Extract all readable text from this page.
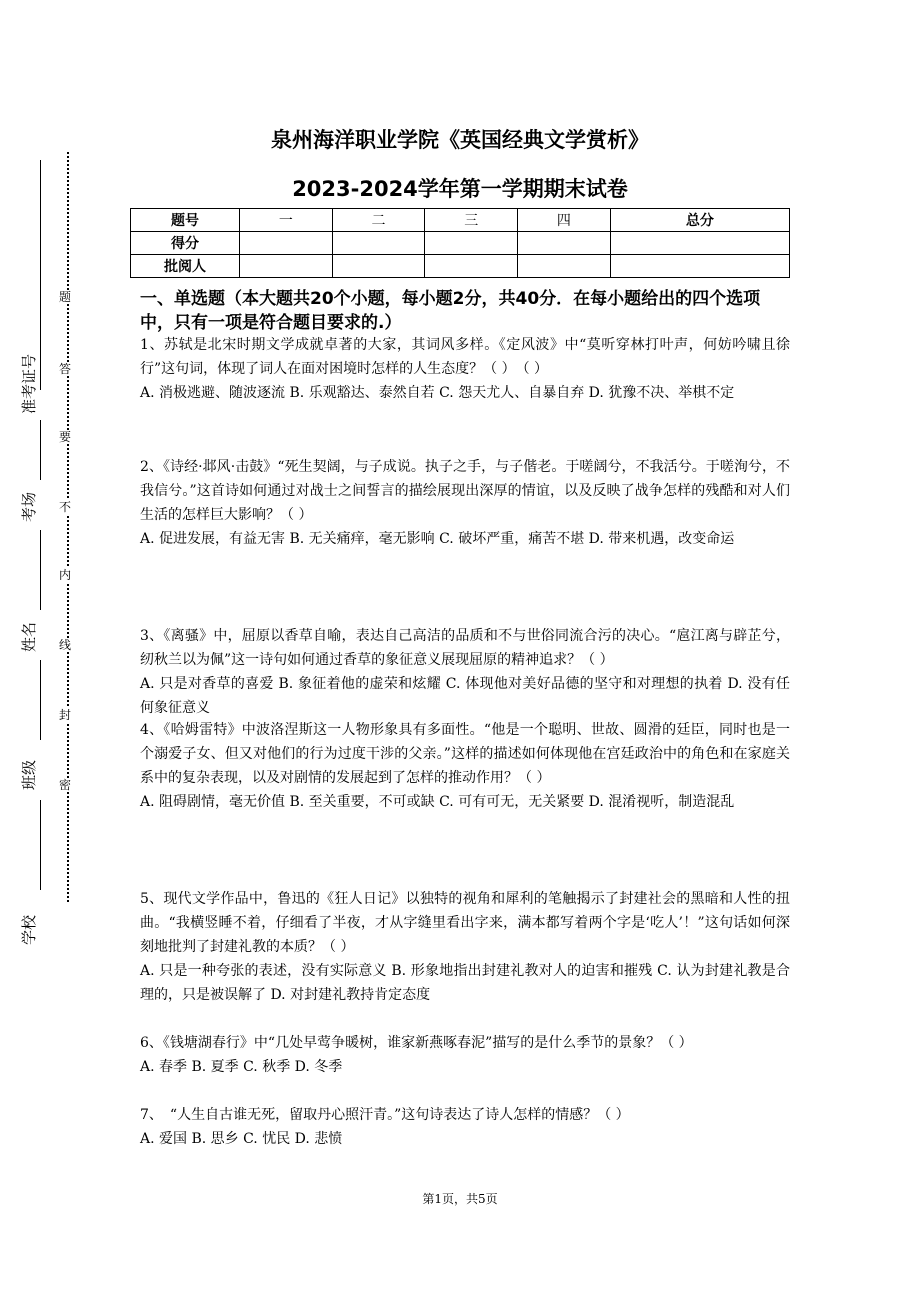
准考证号
考场
姓名
班级
学校
题
答
要
不
内
线
封
密
泉州海洋职业学院《英国经典文学赏析》
2023-2024学年第一学期期末试卷
题号	一	二	三	四	总分
得分					
批阅人					
一、单选题（本大题共20个小题，每小题2分，共40分．在每小题给出的四个选项中，只有一项是符合题目要求的.）

1、苏轼是北宋时期文学成就卓著的大家，其词风多样。《定风波》中“莫听穿林打叶声，何妨吟啸且徐行”这句词，体现了词人在面对困境时怎样的人生态度？（ ）　（ ）

A. 消极逃避、随波逐流 B. 乐观豁达、泰然自若 C. 怨天尤人、自暴自弃 D. 犹豫不决、举棋不定

2、《诗经·邶风·击鼓》“死生契阔，与子成说。执子之手，与子偕老。于嗟阔兮，不我活兮。于嗟洵兮，不我信兮。”这首诗如何通过对战士之间誓言的描绘展现出深厚的情谊，以及反映了战争怎样的残酷和对人们生活的怎样巨大影响？（ ）

A. 促进发展，有益无害 B. 无关痛痒，毫无影响 C. 破坏严重，痛苦不堪 D. 带来机遇，改变命运

3、《离骚》中，屈原以香草自喻，表达自己高洁的品质和不与世俗同流合污的决心。“扈江离与辟芷兮，纫秋兰以为佩”这一诗句如何通过香草的象征意义展现屈原的精神追求？（ ）

A. 只是对香草的喜爱 B. 象征着他的虚荣和炫耀 C. 体现他对美好品德的坚守和对理想的执着 D. 没有任何象征意义

4、《哈姆雷特》中波洛涅斯这一人物形象具有多面性。“他是一个聪明、世故、圆滑的廷臣，同时也是一个溺爱子女、但又对他们的行为过度干涉的父亲。”这样的描述如何体现他在宫廷政治中的角色和在家庭关系中的复杂表现，以及对剧情的发展起到了怎样的推动作用？（ ）

A. 阻碍剧情，毫无价值 B. 至关重要，不可或缺 C. 可有可无，无关紧要 D. 混淆视听，制造混乱

5、现代文学作品中，鲁迅的《狂人日记》以独特的视角和犀利的笔触揭示了封建社会的黑暗和人性的扭曲。“我横竖睡不着，仔细看了半夜，才从字缝里看出字来，满本都写着两个字是‘吃人’！”这句话如何深刻地批判了封建礼教的本质？（ ）

A. 只是一种夸张的表述，没有实际意义 B. 形象地指出封建礼教对人的迫害和摧残 C. 认为封建礼教是合理的，只是被误解了 D. 对封建礼教持肯定态度

6、《钱塘湖春行》中“几处早莺争暖树，谁家新燕啄春泥”描写的是什么季节的景象？（ ）

A. 春季 B. 夏季 C. 秋季 D. 冬季

7、　“人生自古谁无死，留取丹心照汗青。”这句诗表达了诗人怎样的情感？（ ）

A. 爱国 B. 思乡 C. 忧民 D. 悲愤

第1页，共5页
